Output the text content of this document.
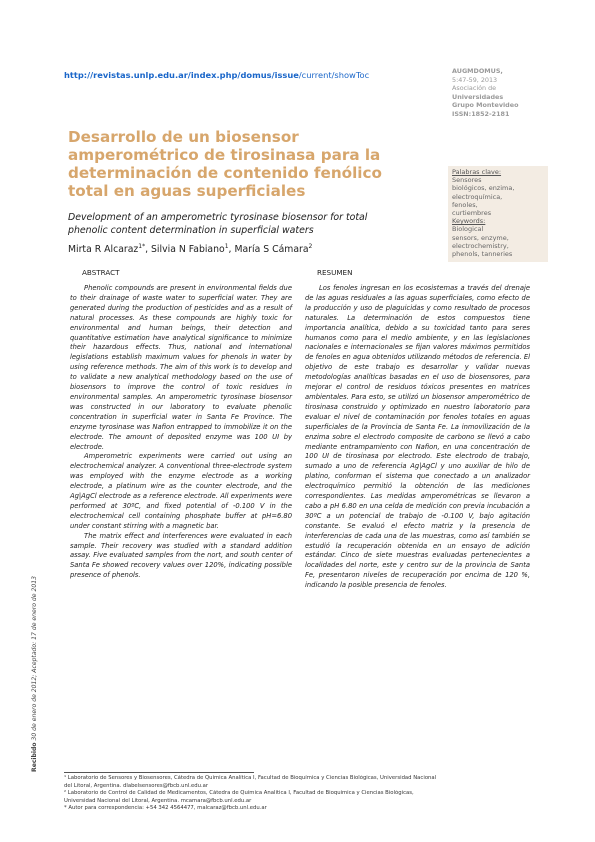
http://revistas.unlp.edu.ar/index.php/domus/issue/current/showToc	AUGMDOMUS,
5:47-59, 2013
Asociación de
Universidades
Grupo Montevideo
ISSN:1852-2181
Desarrollo de un biosensor
amperométrico de tirosinasa para la
determinación de contenido fenólico
total en aguas superficiales
Development of an amperometric tyrosinase biosensor for total
phenolic content determination in superficial waters
Mirta R Alcaraz$^{1*}$, Silvia N Fabiano$^1$, María S Cámara$^2$
Palabras clave:
Sensores
biológicos, enzima,
electroquímica,
fenoles,
curtiembres
Keywords:
Biological
sensors, enzyme,
electrochemistry,
phenols, tanneries
ABSTRACT

Phenolic compounds are present in environmental fields due to their drainage of waste water to superficial water. They are generated during the production of pesticides and as a result of natural processes. As these compounds are highly toxic for environmental and human beings, their detection and quantitative estimation have analytical significance to minimize their hazardous effects. Thus, national and international legislations establish maximum values for phenols in water by using reference methods. The aim of this work is to develop and to validate a new analytical methodology based on the use of biosensors to improve the control of toxic residues in environmental samples. An amperometric tyrosinase biosensor was constructed in our laboratory to evaluate phenolic concentration in superficial water in Santa Fe Province. The enzyme tyrosinase was Nafion entrapped to immobilize it on the electrode. The amount of deposited enzyme was 100 UI by electrode.

Amperometric experiments were carried out using an electrochemical analyzer. A conventional three-electrode system was employed with the enzyme electrode as a working electrode, a platinum wire as the counter electrode, and the Ag|AgCl electrode as a reference electrode. All experiments were performed at 30ºC, and fixed potential of -0.100 V in the electrochemical cell containing phosphate buffer at pH=6.80 under constant stirring with a magnetic bar.

The matrix effect and interferences were evaluated in each sample. Their recovery was studied with a standard addition assay. Five evaluated samples from the nort, and south center of Santa Fe showed recovery values over 120%, indicating possible presence of phenols.

RESUMEN

Los fenoles ingresan en los ecosistemas a través del drenaje de las aguas residuales a las aguas superficiales, como efecto de la producción y uso de plaguicidas y como resultado de procesos naturales. La determinación de estos compuestos tiene importancia analítica, debido a su toxicidad tanto para seres humanos como para el medio ambiente, y en las legislaciones nacionales e internacionales se fijan valores máximos permitidos de fenoles en agua obtenidos utilizando métodos de referencia. El objetivo de este trabajo es desarrollar y validar nuevas metodologías analíticas basadas en el uso de biosensores, para mejorar el control de residuos tóxicos presentes en matrices ambientales. Para esto, se utilizó un biosensor amperométrico de tirosinasa construido y optimizado en nuestro laboratorio para evaluar el nivel de contaminación por fenoles totales en aguas superficiales de la Provincia de Santa Fe. La inmovilización de la enzima sobre el electrodo composite de carbono se llevó a cabo mediante entrampamiento con Nafion, en una concentración de 100 UI de tirosinasa por electrodo. Este electrodo de trabajo, sumado a uno de referencia Ag|AgCl y uno auxiliar de hilo de platino, conforman el sistema que conectado a un analizador electroquímico permitió la obtención de las mediciones correspondientes. Las medidas amperométricas se llevaron a cabo a pH 6.80 en una celda de medición con previa incubación a 30ºC a un potencial de trabajo de -0.100 V, bajo agitación constante. Se evaluó el efecto matriz y la presencia de interferencias de cada una de las muestras, como así también se estudió la recuperación obtenida en un ensayo de adición estándar. Cinco de siete muestras evaluadas pertenecientes a localidades del norte, este y centro sur de la provincia de Santa Fe, presentaron niveles de recuperación por encima de 120 %, indicando la posible presencia de fenoles.

Recibido 30 de enero de 2012; Aceptado: 17 de enero de 2013
¹ Laboratorio de Sensores y Biosensores, Cátedra de Química Analítica I, Facultad de Bioquímica y Ciencias Biológicas, Universidad Nacional
del Litoral, Argentina. dlabelsensores@fbcb.unl.edu.ar
² Laboratorio de Control de Calidad de Medicamentos, Cátedra de Química Analítica I, Facultad de Bioquímica y Ciencias Biológicas,
Universidad Nacional del Litoral, Argentina. mcamara@fbcb.unl.edu.ar
* Autor para correspondencia: +54 342 4564477, malcaraz@fbcb.unl.edu.ar
